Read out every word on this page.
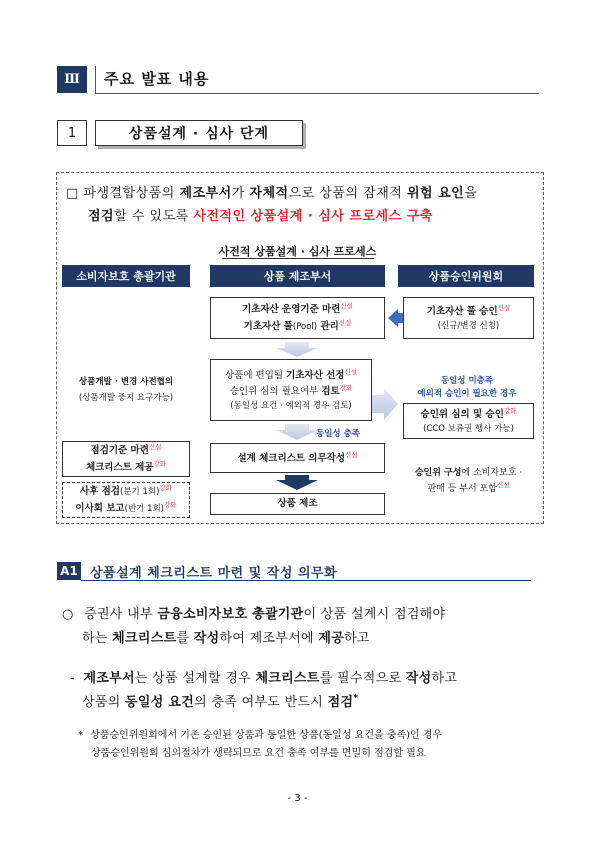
Ⅲ	주요 발표 내용
1	상품설계 · 심사 단계
□ 파생결합상품의 제조부서가 자체적으로 상품의 잠재적 위험 요인을
점검할 수 있도록 사전적인 상품설계 · 심사 프로세스 구축
사전적 상품설계 · 심사 프로세스
소비자보호 총괄기관	상품 제조부서	상품승인위원회
기초자산 운영기준 마련$^{신설}$
기초자산 풀(Pool) 관리$^{신설}$
상품에 편입될 기초자산 선정$^{신설}$
승인위 심의 필요여부 검토$^{강화}$
(동일성 요건 · 예외적 경우 검토)
동일성 충족
설계 체크리스트 의무작성$^{신설}$
상품 제조
상품개발 · 변경 사전협의
(상품개발 중지 요구가능)
점검기준 마련$^{신설}$
체크리스트 제공$^{강화}$
사후 점검(분기 1회)$^{강화}$
이사회 보고(반기 1회)$^{강화}$
기초자산 풀 승인$^{신설}$
(신규/변경 신청)
동일성 미충족
예외적 승인이 필요한 경우
승인위 심의 및 승인$^{강화}$
(CCO 보류권 행사 가능)
승인위 구성에 소비자보호 ·
판매 등 부서 포함$^{신설}$
A1 상품설계 체크리스트 마련 및 작성 의무화
○ 증권사 내부 금융소비자보호 총괄기관이 상품 설계시 점검해야
하는 체크리스트를 작성하여 제조부서에 제공하고
- 제조부서는 상품 설계할 경우 체크리스트를 필수적으로 작성하고
상품의 동일성 요건의 충족 여부도 반드시 점검*
* 상품승인위원회에서 기존 승인된 상품과 동일한 상품(동일성 요건을 충족)인 경우
상품승인위원회 심의절차가 생략되므로 요건 충족 여부를 면밀히 점검할 필요
- 3 -
